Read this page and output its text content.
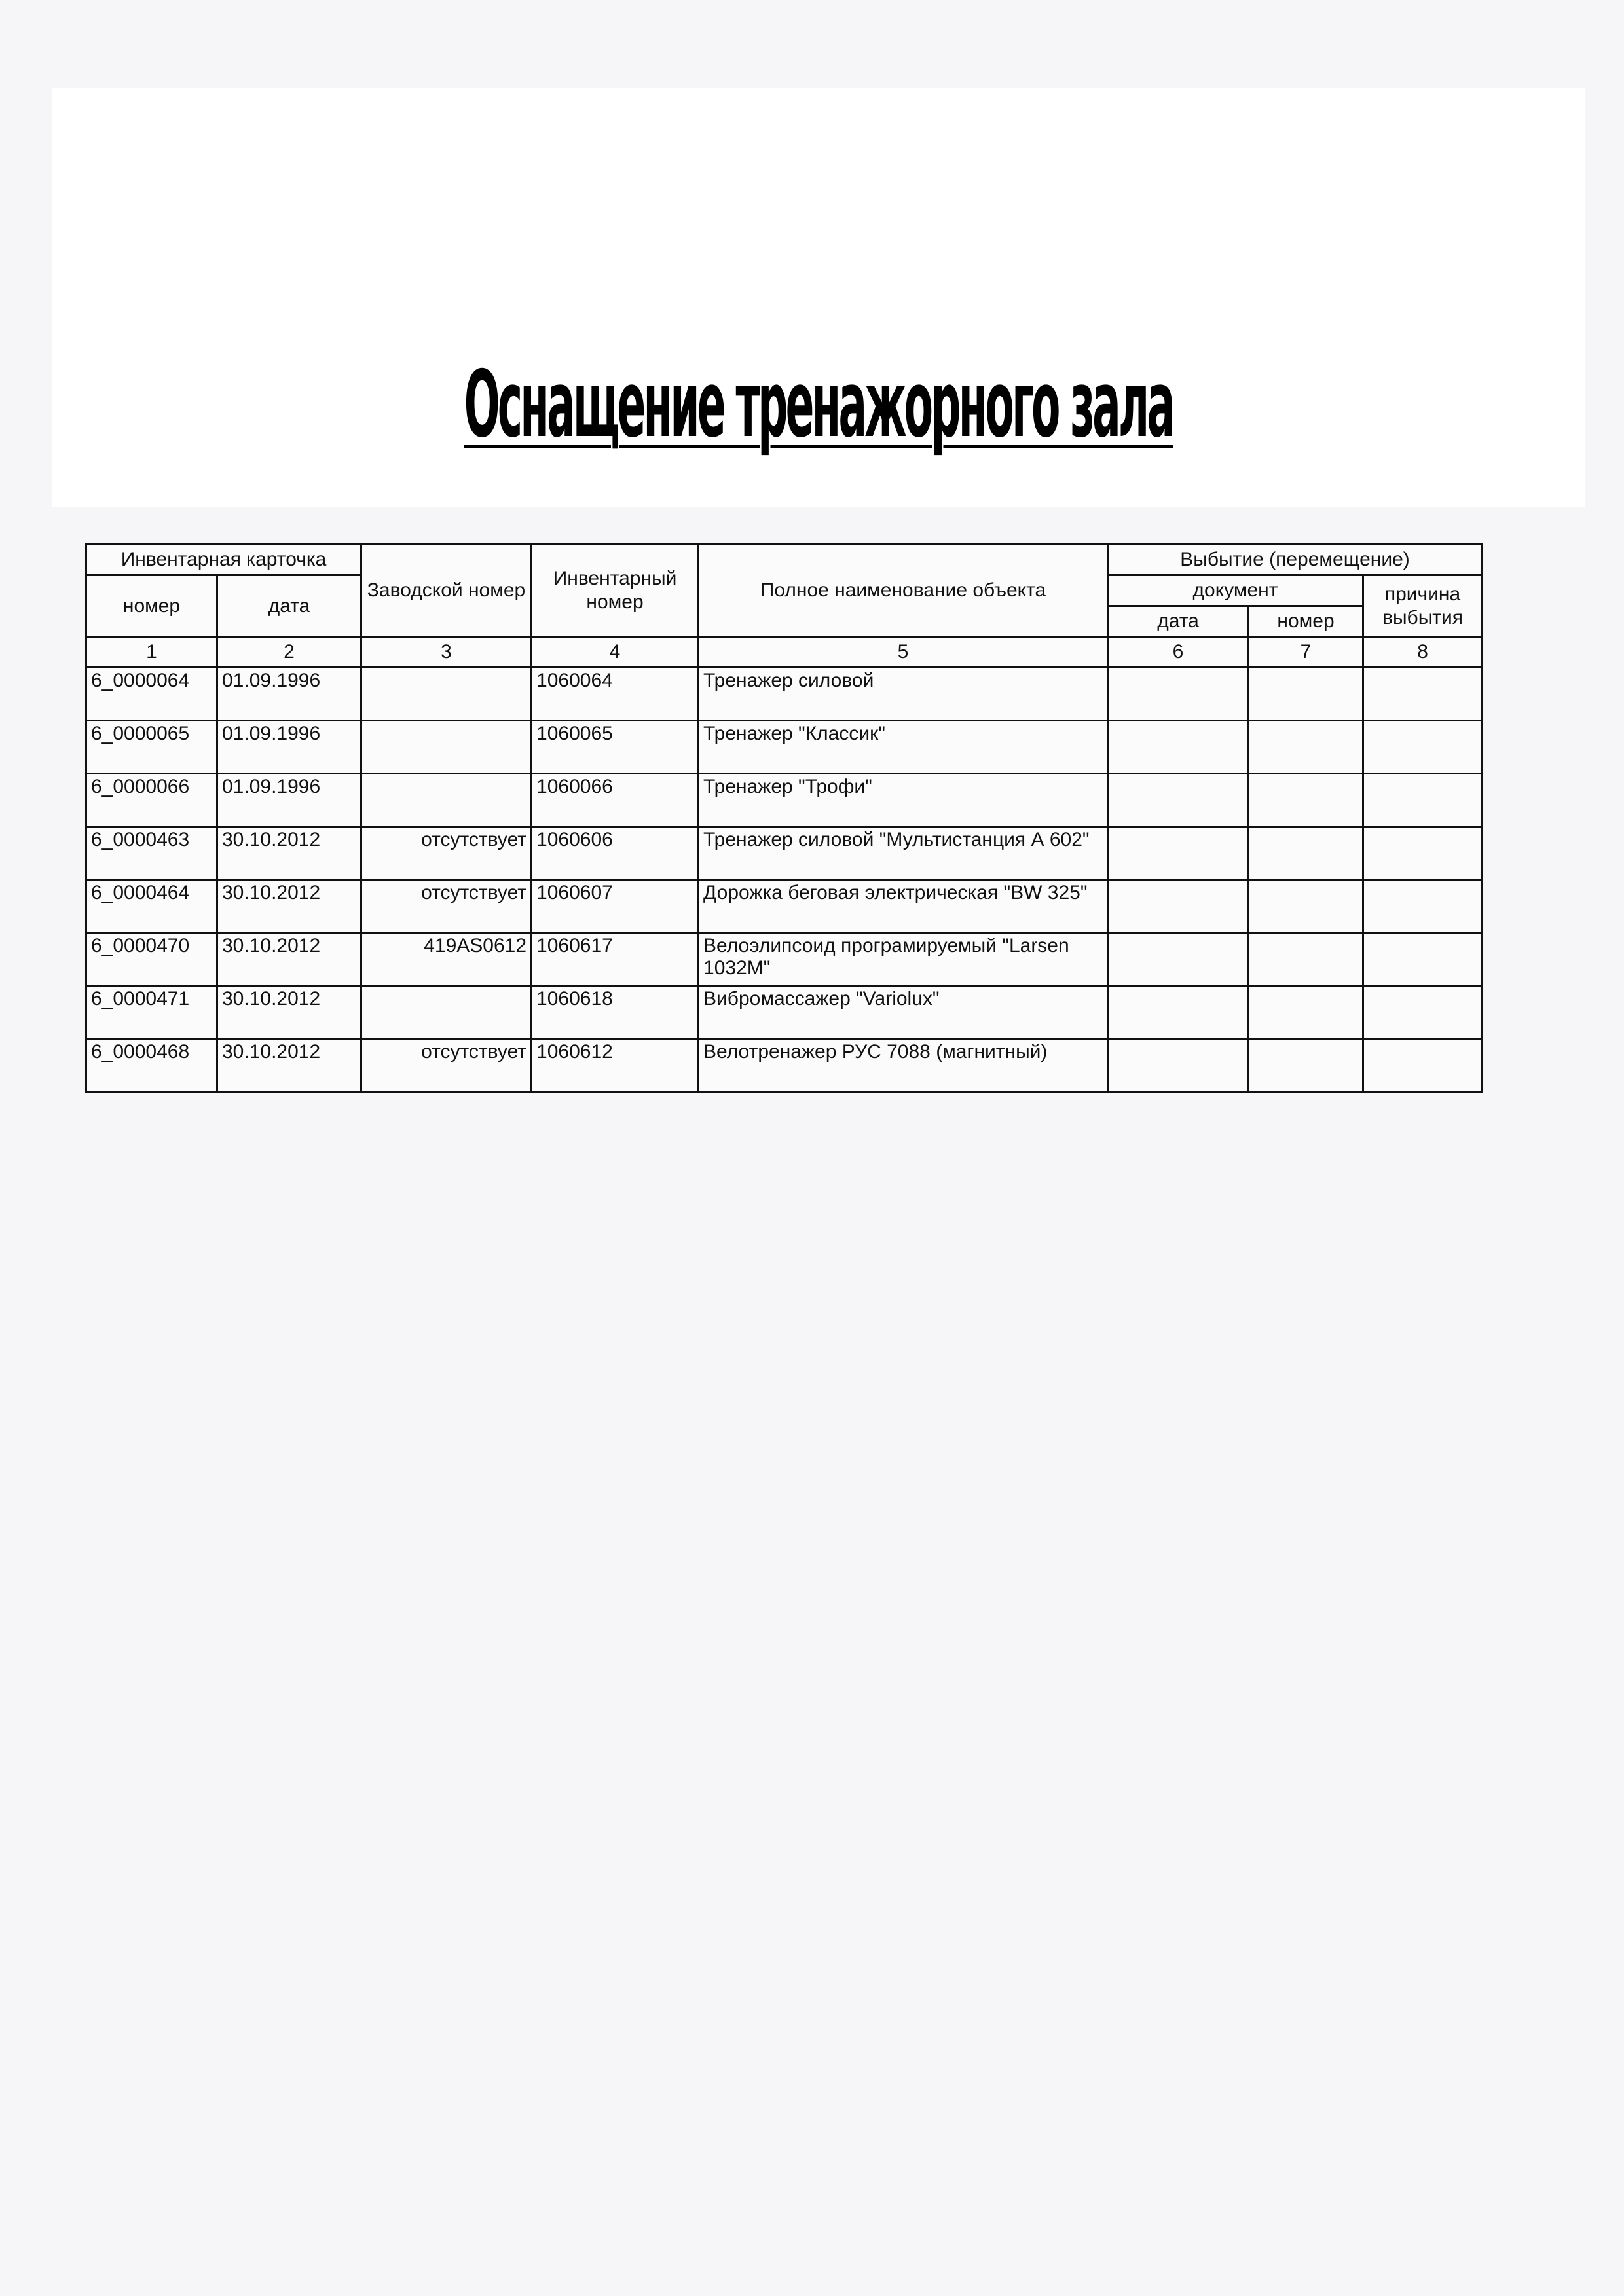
Оснащение тренажорного зала
Инвентарная карточка		Заводской номер	Инвентарный номер	Полное наименование объекта	Выбытие (перемещение)		
номер	дата				документ		причина выбытия
					дата	номер	
1	2	3	4	5	6	7	8
6_0000064	01.09.1996		1060064	Тренажер силовой			
6_0000065	01.09.1996		1060065	Тренажер "Классик"			
6_0000066	01.09.1996		1060066	Тренажер "Трофи"			
6_0000463	30.10.2012	отсутствует	1060606	Тренажер силовой "Мультистанция А 602"			
6_0000464	30.10.2012	отсутствует	1060607	Дорожка беговая электрическая "BW 325"			
6_0000470	30.10.2012	419AS0612	1060617	Велоэлипсоид програмируемый "Larsen 1032M"			
6_0000471	30.10.2012		1060618	Вибромассажер "Variolux"			
6_0000468	30.10.2012	отсутствует	1060612	Велотренажер РУС 7088 (магнитный)			
